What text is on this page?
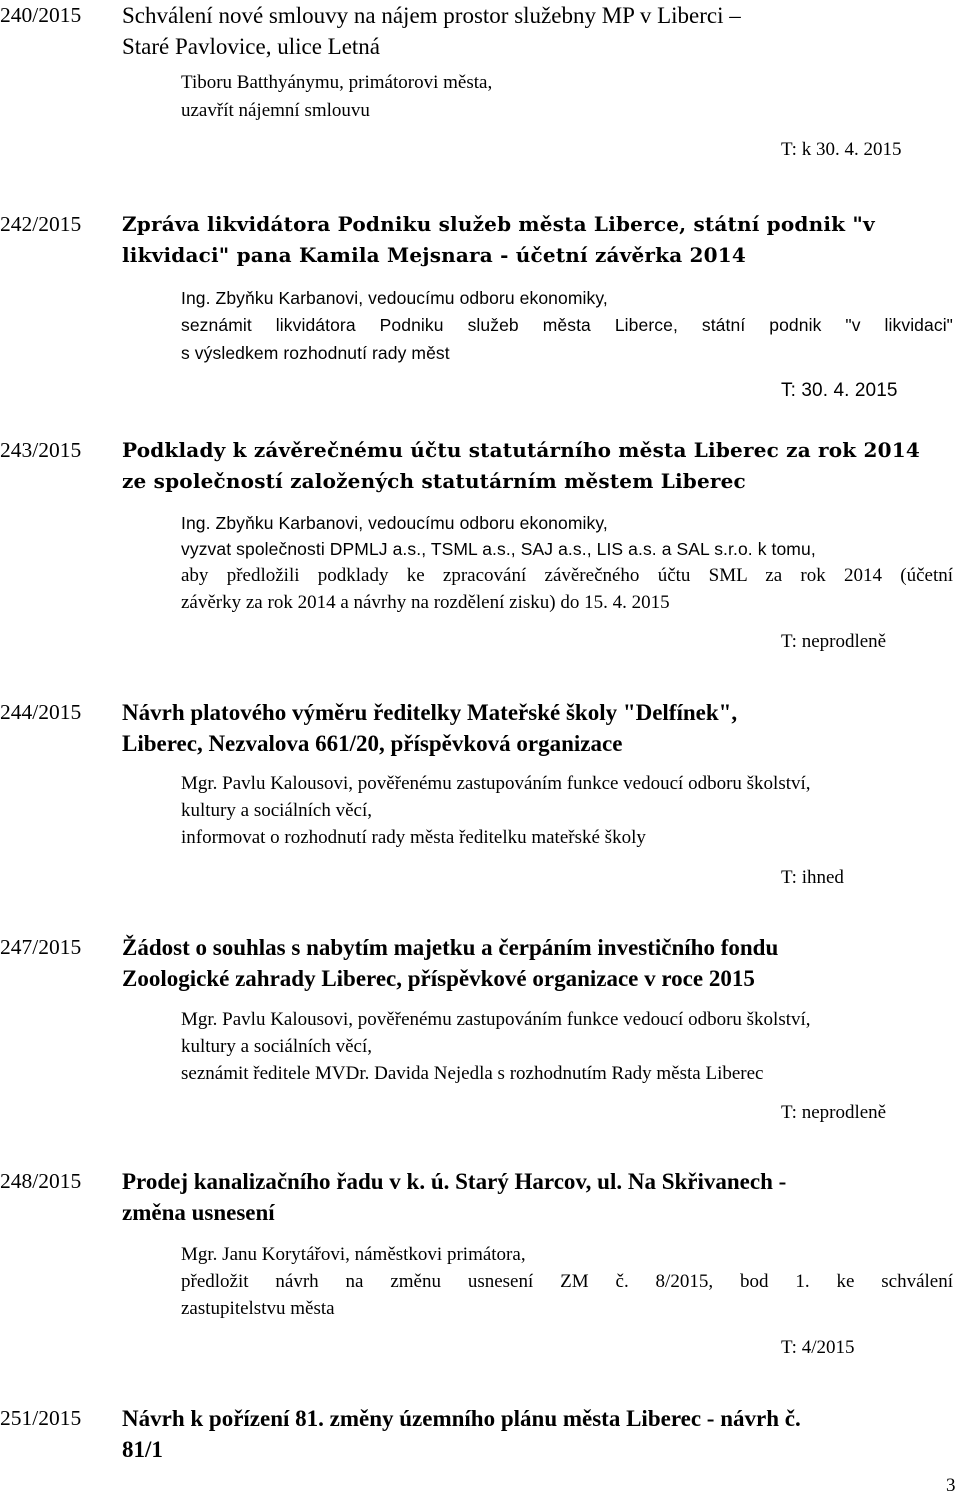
240/2015 Schválení nové smlouvy na nájem prostor služebny MP v Liberci –
Staré Pavlovice, ulice Letná
Tiboru Batthyánymu, primátorovi města,
uzavřít nájemní smlouvu
T: k 30. 4. 2015
242/2015 Zpráva likvidátora Podniku služeb města Liberce, státní podnik "v
likvidaci" pana Kamila Mejsnara - účetní závěrka 2014
Ing. Zbyňku Karbanovi, vedoucímu odboru ekonomiky,
seznámit likvidátora Podniku služeb města Liberce, státní podnik "v likvidaci"
s výsledkem rozhodnutí rady měst
T: 30. 4. 2015
243/2015 Podklady k závěrečnému účtu statutárního města Liberec za rok 2014
ze společností založených statutárním městem Liberec
Ing. Zbyňku Karbanovi, vedoucímu odboru ekonomiky,
vyzvat společnosti DPMLJ a.s., TSML a.s., SAJ a.s., LIS a.s. a SAL s.r.o. k tomu,
aby předložili podklady ke zpracování závěrečného účtu SML za rok 2014 (účetní
závěrky za rok 2014 a návrhy na rozdělení zisku) do 15. 4. 2015
T: neprodleně
244/2015 Návrh platového výměru ředitelky Mateřské školy "Delfínek",
Liberec, Nezvalova 661/20, příspěvková organizace
Mgr. Pavlu Kalousovi, pověřenému zastupováním funkce vedoucí odboru školství,
kultury a sociálních věcí,
informovat o rozhodnutí rady města ředitelku mateřské školy
T: ihned
247/2015 Žádost o souhlas s nabytím majetku a čerpáním investičního fondu
Zoologické zahrady Liberec, příspěvkové organizace v roce 2015
Mgr. Pavlu Kalousovi, pověřenému zastupováním funkce vedoucí odboru školství,
kultury a sociálních věcí,
seznámit ředitele MVDr. Davida Nejedla s rozhodnutím Rady města Liberec
T: neprodleně
248/2015 Prodej kanalizačního řadu v k. ú. Starý Harcov, ul. Na Skřivanech -
změna usnesení
Mgr. Janu Korytářovi, náměstkovi primátora,
předložit návrh na změnu usnesení ZM č. 8/2015, bod 1. ke schválení
zastupitelstvu města
T: 4/2015
251/2015 Návrh k pořízení 81. změny územního plánu města Liberec - návrh č.
81/1
3
